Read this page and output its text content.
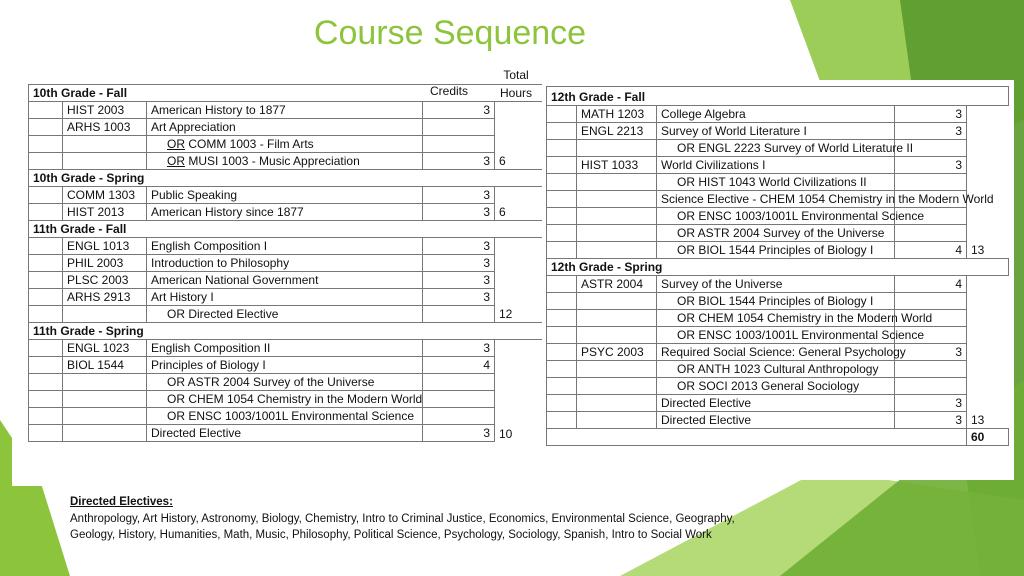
Course Sequence
Credits
Total
Hours
10th Grade - Fall				
	HIST 2003	American History to 1877	3	
	ARHS 1003	Art Appreciation		
		OR COMM 1003 - Film Arts		
		OR MUSI 1003 - Music Appreciation	3	6
10th Grade - Spring				
	COMM 1303	Public Speaking	3	
	HIST 2013	American History since 1877	3	6
11th Grade - Fall				
	ENGL 1013	English Composition I	3	
	PHIL 2003	Introduction to Philosophy	3	
	PLSC 2003	American National Government	3	
	ARHS 2913	Art History I	3	
		OR Directed Elective		12
11th Grade - Spring				
	ENGL 1023	English Composition II	3	
	BIOL 1544	Principles of Biology I	4	
		OR ASTR 2004 Survey of the Universe		
		OR CHEM 1054 Chemistry in the Modern World		
		OR ENSC 1003/1001L Environmental Science		
		Directed Elective	3	10
12th Grade - Fall				
	MATH 1203	College Algebra	3	
	ENGL 2213	Survey of World Literature I	3	
		OR ENGL 2223 Survey of World Literature II		
	HIST 1033	World Civilizations I	3	
		OR HIST 1043 World Civilizations II		
		Science Elective - CHEM 1054 Chemistry in the Modern World		
		OR ENSC 1003/1001L Environmental Science		
		OR ASTR 2004 Survey of the Universe		
		OR BIOL 1544 Principles of Biology I	4	13
12th Grade - Spring				
	ASTR 2004	Survey of the Universe	4	
		OR BIOL 1544 Principles of Biology I		
		OR CHEM 1054 Chemistry in the Modern World		
		OR ENSC 1003/1001L Environmental Science		
	PSYC 2003	Required Social Science: General Psychology	3	
		OR ANTH 1023 Cultural Anthropology		
		OR SOCI 2013 General Sociology		
		Directed Elective	3	
		Directed Elective	3	13
				60
Directed Electives:
Anthropology, Art History, Astronomy, Biology, Chemistry, Intro to Criminal Justice, Economics, Environmental Science, Geography, Geology, History, Humanities, Math, Music, Philosophy, Political Science, Psychology, Sociology, Spanish, Intro to Social Work
